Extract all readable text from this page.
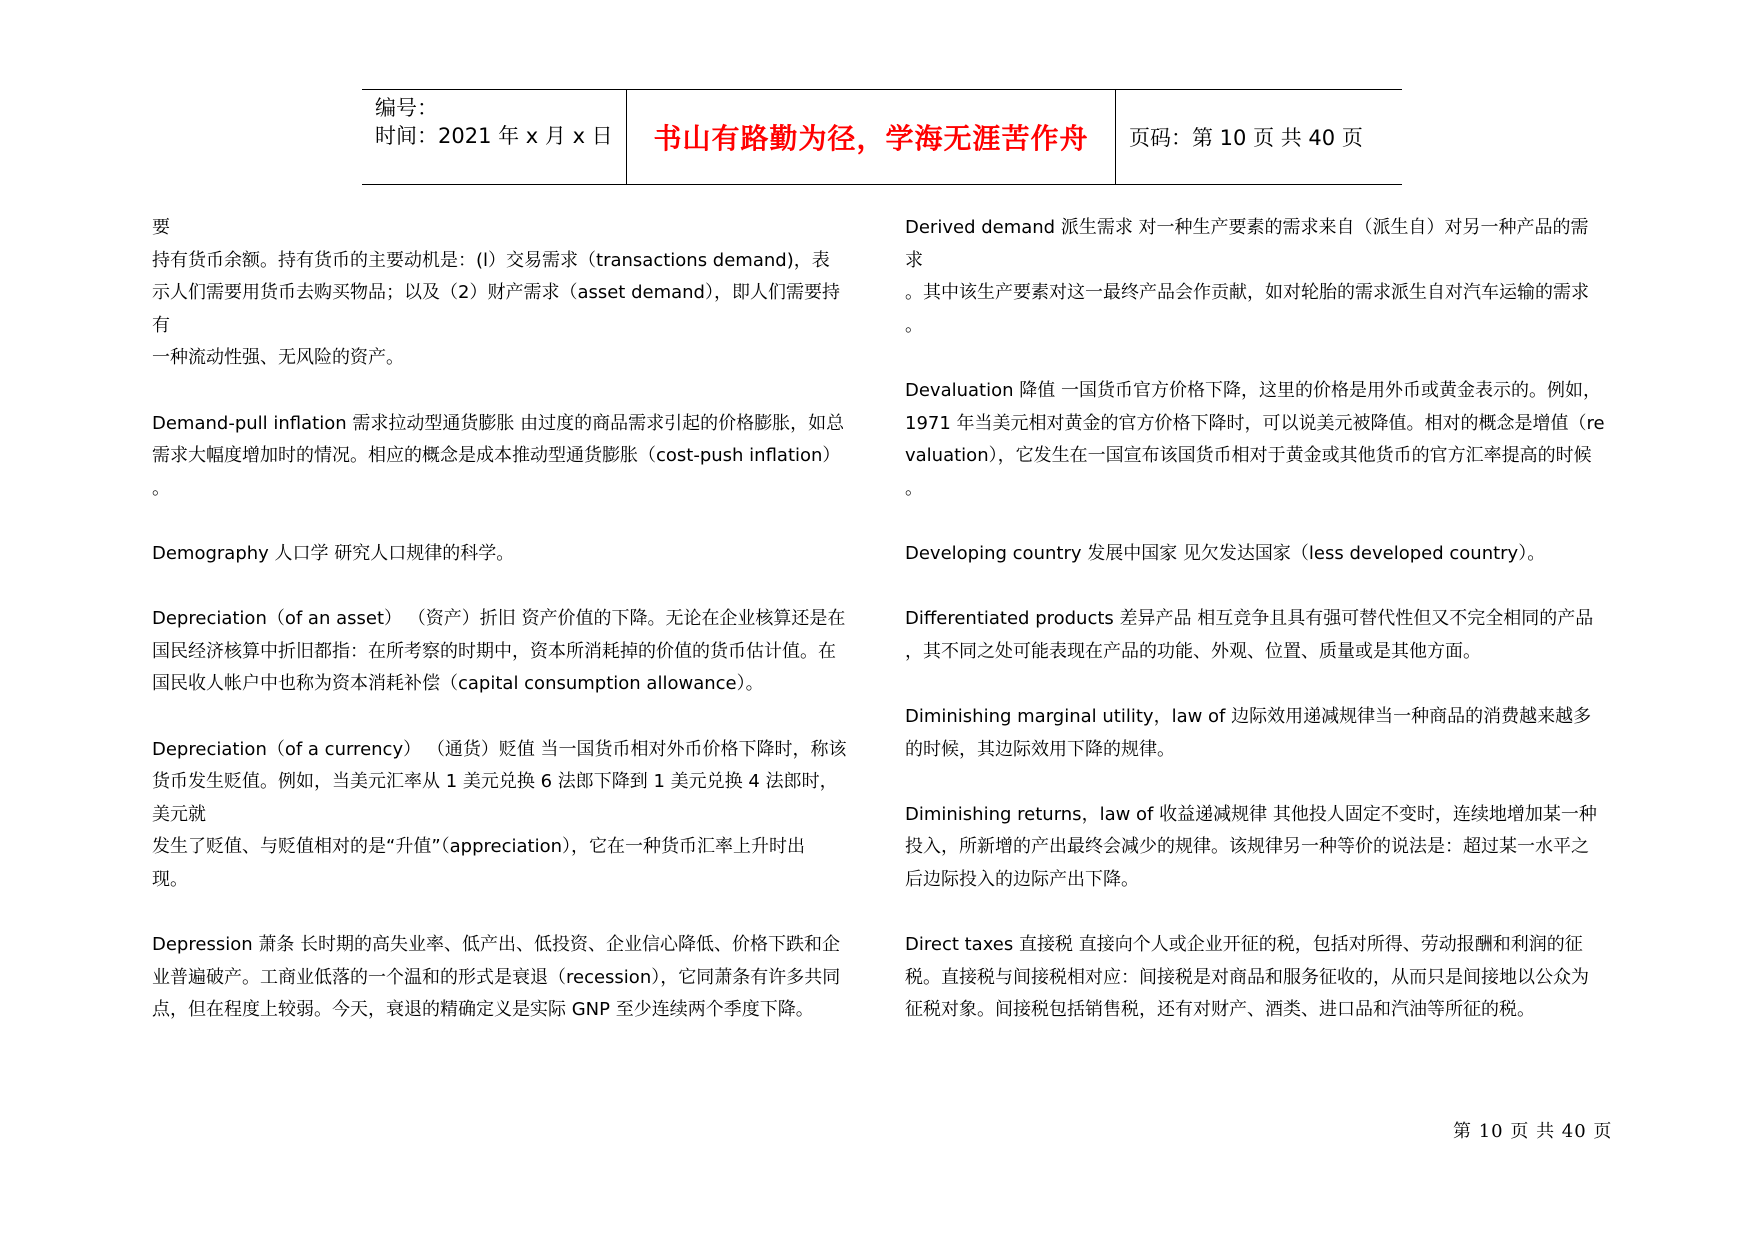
编号：
时间：2021 年 x 月 x 日	书山有路勤为径，学海无涯苦作舟 页码：第 10 页 共 40 页
要
持有货币余额。持有货币的主要动机是：(l）交易需求（transactions demand)，表
示人们需要用货币去购买物品；以及（2）财产需求（asset demand），即人们需要持
有
一种流动性强、无风险的资产。
Demand-pull inflation 需求拉动型通货膨胀 由过度的商品需求引起的价格膨胀，如总
需求大幅度增加时的情况。相应的概念是成本推动型通货膨胀（cost-push inflation）
。
Demography 人口学 研究人口规律的科学。
Depreciation（of an asset） （资产）折旧 资产价值的下降。无论在企业核算还是在
国民经济核算中折旧都指：在所考察的时期中，资本所消耗掉的价值的货币估计值。在
国民收人帐户中也称为资本消耗补偿（capital consumption allowance）。
Depreciation（of a currency） （通货）贬值 当一国货币相对外币价格下降时，称该
货币发生贬值。例如，当美元汇率从 1 美元兑换 6 法郎下降到 1 美元兑换 4 法郎时，
美元就
发生了贬值、与贬值相对的是“升值”（appreciation），它在一种货币汇率上升时出
现。
Depression 萧条 长时期的高失业率、低产出、低投资、企业信心降低、价格下跌和企
业普遍破产。工商业低落的一个温和的形式是衰退（recession），它同萧条有许多共同
点，但在程度上较弱。今天，衰退的精确定义是实际 GNP 至少连续两个季度下降。
Derived demand 派生需求 对一种生产要素的需求来自（派生自）对另一种产品的需
求
。其中该生产要素对这一最终产品会作贡献，如对轮胎的需求派生自对汽车运输的需求
。
Devaluation 降值 一国货币官方价格下降，这里的价格是用外币或黄金表示的。例如，
1971 年当美元相对黄金的官方价格下降时，可以说美元被降值。相对的概念是增值（re
valuation），它发生在一国宣布该国货币相对于黄金或其他货币的官方汇率提高的时候
。
Developing country 发展中国家 见欠发达国家（less developed country）。
Differentiated products 差异产品 相互竞争且具有强可替代性但又不完全相同的产品
，其不同之处可能表现在产品的功能、外观、位置、质量或是其他方面。
Diminishing marginal utility，law of 边际效用递减规律当一种商品的消费越来越多
的时候，其边际效用下降的规律。
Diminishing returns，law of 收益递减规律 其他投人固定不变时，连续地增加某一种
投入，所新增的产出最终会减少的规律。该规律另一种等价的说法是：超过某一水平之
后边际投入的边际产出下降。
Direct taxes 直接税 直接向个人或企业开征的税，包括对所得、劳动报酬和利润的征
税。直接税与间接税相对应：间接税是对商品和服务征收的，从而只是间接地以公众为
征税对象。间接税包括销售税，还有对财产、酒类、进口品和汽油等所征的税。
第 10 页 共 40 页
